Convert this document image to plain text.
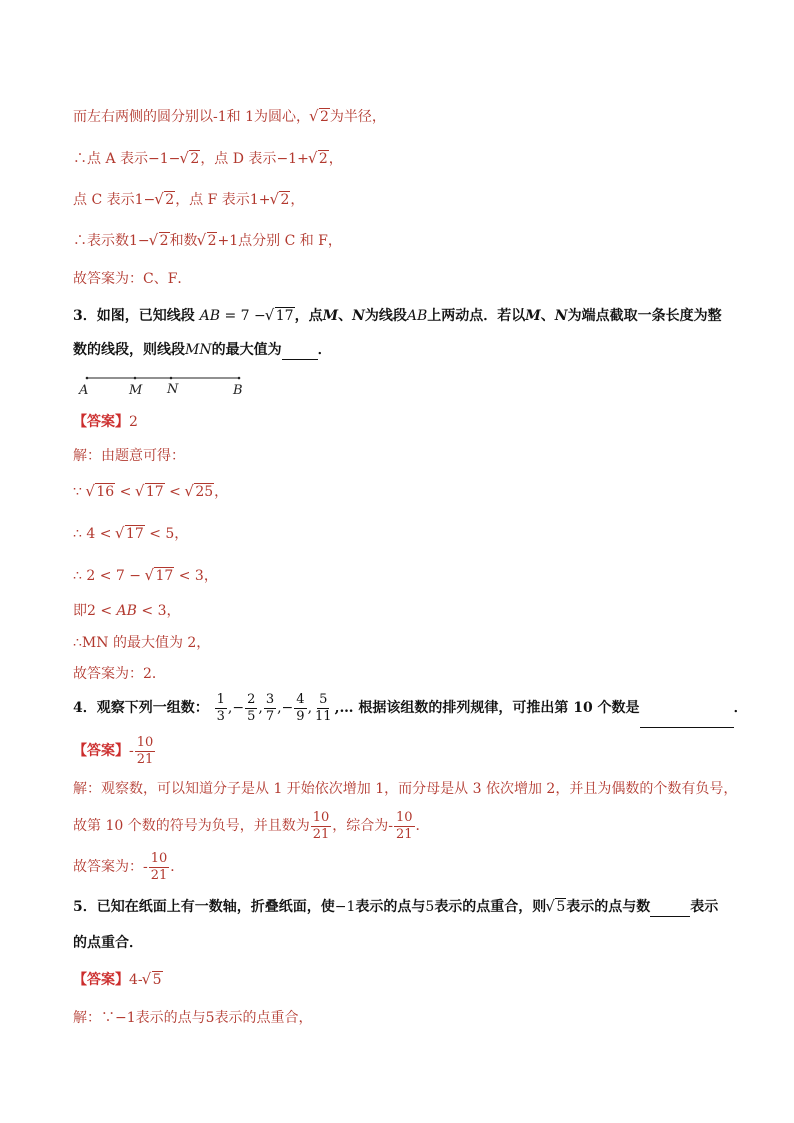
而左右两侧的圆分别以-1和 1为圆心， √ 2为半径，
∴点 A 表示−1− √ 2，点 D 表示−1+ √ 2，
点 C 表示1− √ 2，点 F 表示1+ √ 2，
∴表示数1− √ 2和数 √ 2+1点分别 C 和 F，
故答案为：C、F．
3．如图，已知线段 AB = 7 − √ 17，点M、N为线段AB上两动点．若以M、N为端点截取一条长度为整
数的线段，则线段MN的最大值为	．
A	M N	B
【答案】2
解：由题意可得：
∵ √ 16 < √ 17 < √ 25，
∴ 4 < √ 17 < 5，
∴ 2 < 7 − √ 17 < 3，
即2 < AB < 3，
∴MN 的最大值为 2，
故答案为：2．
4．观察下列一组数： $\frac{1}{3}$ ,− $\frac{2}{5}$ , $\frac{3}{7}$ ,− $\frac{4}{9}$ , $\frac{5}{11}$ ,… 根据该组数的排列规律，可推出第 10 个数是	．
【答案】- $\frac{10}{21}$
解：观察数，可以知道分子是从 1 开始依次增加 1，而分母是从 3 依次增加 2，并且为偶数的个数有负号，
故第 10 个数的符号为负号，并且数为 $\frac{10}{21}$ ，综合为- $\frac{10}{21}$ ．
故答案为：- $\frac{10}{21}$ ．
5．已知在纸面上有一数轴，折叠纸面，使−1表示的点与5表示的点重合，则 √ 5表示的点与数	表示
的点重合．
【答案】4- √ 5
解：∵−1表示的点与5表示的点重合，
